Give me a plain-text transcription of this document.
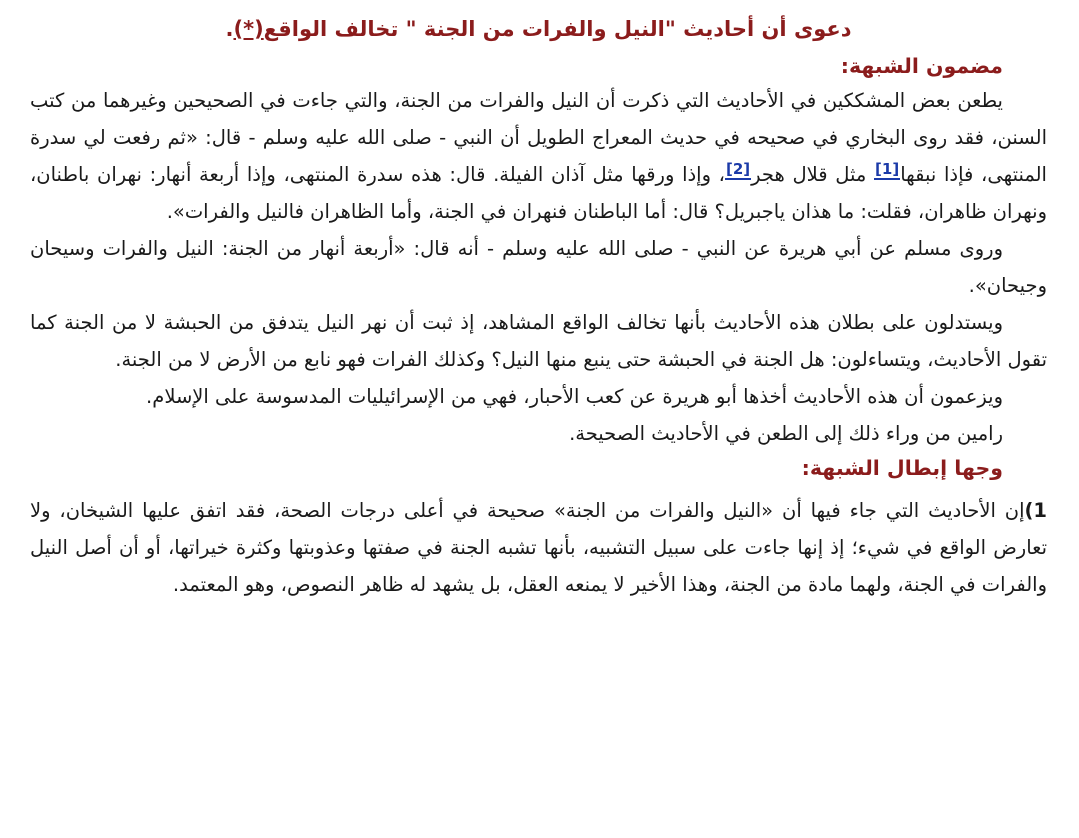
دعوى أن أحاديث "النيل والفرات من الجنة " تخالف الواقع(*).
مضمون الشبهة:

يطعن بعض المشككين في الأحاديث التي ذكرت أن النيل والفرات من الجنة، والتي جاءت في الصحيحين وغيرهما من كتب السنن، فقد روى البخاري في صحيحه في حديث المعراج الطويل أن النبي - صلى الله عليه وسلم - قال: «ثم رفعت لي سدرة المنتهى، فإذا نبقها[1] مثل قلال هجر[2]، وإذا ورقها مثل آذان الفيلة. قال: هذه سدرة المنتهى، وإذا أربعة أنهار: نهران باطنان، ونهران ظاهران، فقلت: ما هذان ياجبريل؟ قال: أما الباطنان فنهران في الجنة، وأما الظاهران فالنيل والفرات».

وروى مسلم عن أبي هريرة عن النبي - صلى الله عليه وسلم - أنه قال: «أربعة أنهار من الجنة: النيل والفرات وسيحان وجيحان».

ويستدلون على بطلان هذه الأحاديث بأنها تخالف الواقع المشاهد، إذ ثبت أن نهر النيل يتدفق من الحبشة لا من الجنة كما تقول الأحاديث، ويتساءلون: هل الجنة في الحبشة حتى ينبع منها النيل؟ وكذلك الفرات فهو نابع من الأرض لا من الجنة.

ويزعمون أن هذه الأحاديث أخذها أبو هريرة عن كعب الأحبار، فهي من الإسرائيليات المدسوسة على الإسلام.

رامين من وراء ذلك إلى الطعن في الأحاديث الصحيحة.

وجها إبطال الشبهة:

1)إن الأحاديث التي جاء فيها أن «النيل والفرات من الجنة» صحيحة في أعلى درجات الصحة، فقد اتفق عليها الشيخان، ولا تعارض الواقع في شيء؛ إذ إنها جاءت على سبيل التشبيه، بأنها تشبه الجنة في صفتها وعذوبتها وكثرة خيراتها، أو أن أصل النيل والفرات في الجنة، ولهما مادة من الجنة، وهذا الأخير لا يمنعه العقل، بل يشهد له ظاهر النصوص، وهو المعتمد.
